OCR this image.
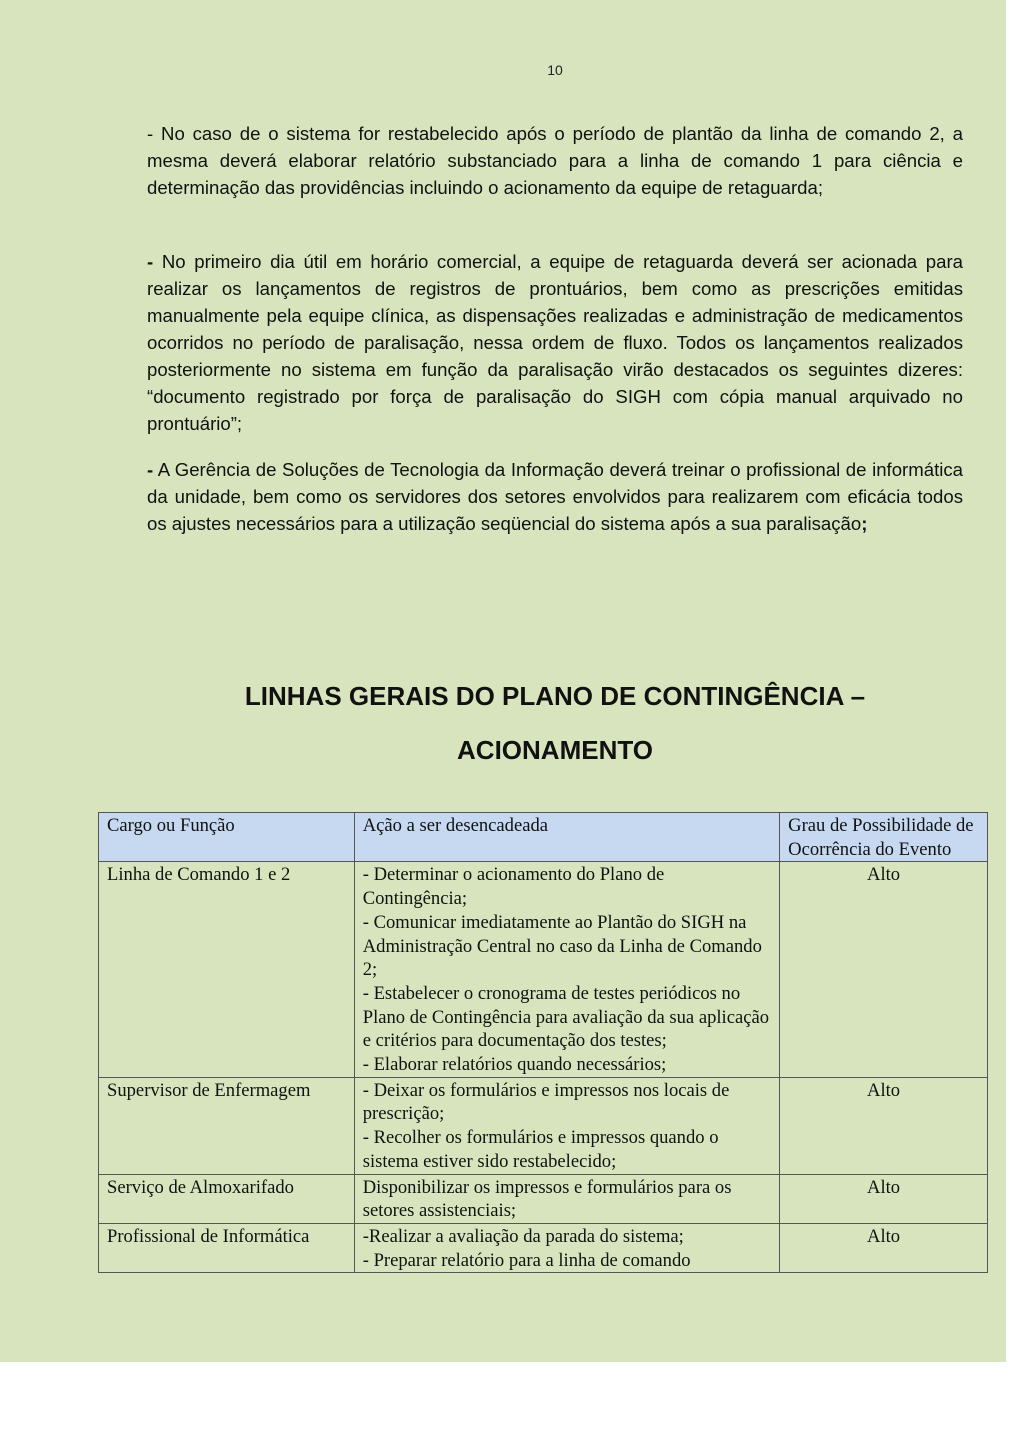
10

- No caso de o sistema for restabelecido após o período de plantão da linha de comando 2, a mesma deverá elaborar relatório substanciado para a linha de comando 1 para ciência e determinação das providências incluindo o acionamento da equipe de retaguarda;

- No primeiro dia útil em horário comercial, a equipe de retaguarda deverá ser acionada para realizar os lançamentos de registros de prontuários, bem como as prescrições emitidas manualmente pela equipe clínica, as dispensações realizadas e administração de medicamentos ocorridos no período de paralisação, nessa ordem de fluxo. Todos os lançamentos realizados posteriormente no sistema em função da paralisação virão destacados os seguintes dizeres: “documento registrado por força de paralisação do SIGH com cópia manual arquivado no prontuário”;

- A Gerência de Soluções de Tecnologia da Informação deverá treinar o profissional de informática da unidade, bem como os servidores dos setores envolvidos para realizarem com eficácia todos os ajustes necessários para a utilização seqüencial do sistema após a sua paralisação;

LINHAS GERAIS DO PLANO DE CONTINGÊNCIA –
ACIONAMENTO
Cargo ou Função	Ação a ser desencadeada	Grau de Possibilidade de Ocorrência do Evento
Linha de Comando 1 e 2	- Determinar o acionamento do Plano de Contingência;
- Comunicar imediatamente ao Plantão do SIGH na Administração Central no caso da Linha de Comando 2;
- Estabelecer o cronograma de testes periódicos no Plano de Contingência para avaliação da sua aplicação e critérios para documentação dos testes;
- Elaborar relatórios quando necessários;	Alto
Supervisor de Enfermagem	- Deixar os formulários e impressos nos locais de prescrição;
- Recolher os formulários e impressos quando o sistema estiver sido restabelecido;	Alto
Serviço de Almoxarifado	Disponibilizar os impressos e formulários para os setores assistenciais;	Alto
Profissional de Informática	-Realizar a avaliação da parada do sistema;
- Preparar relatório para a linha de comando	Alto
